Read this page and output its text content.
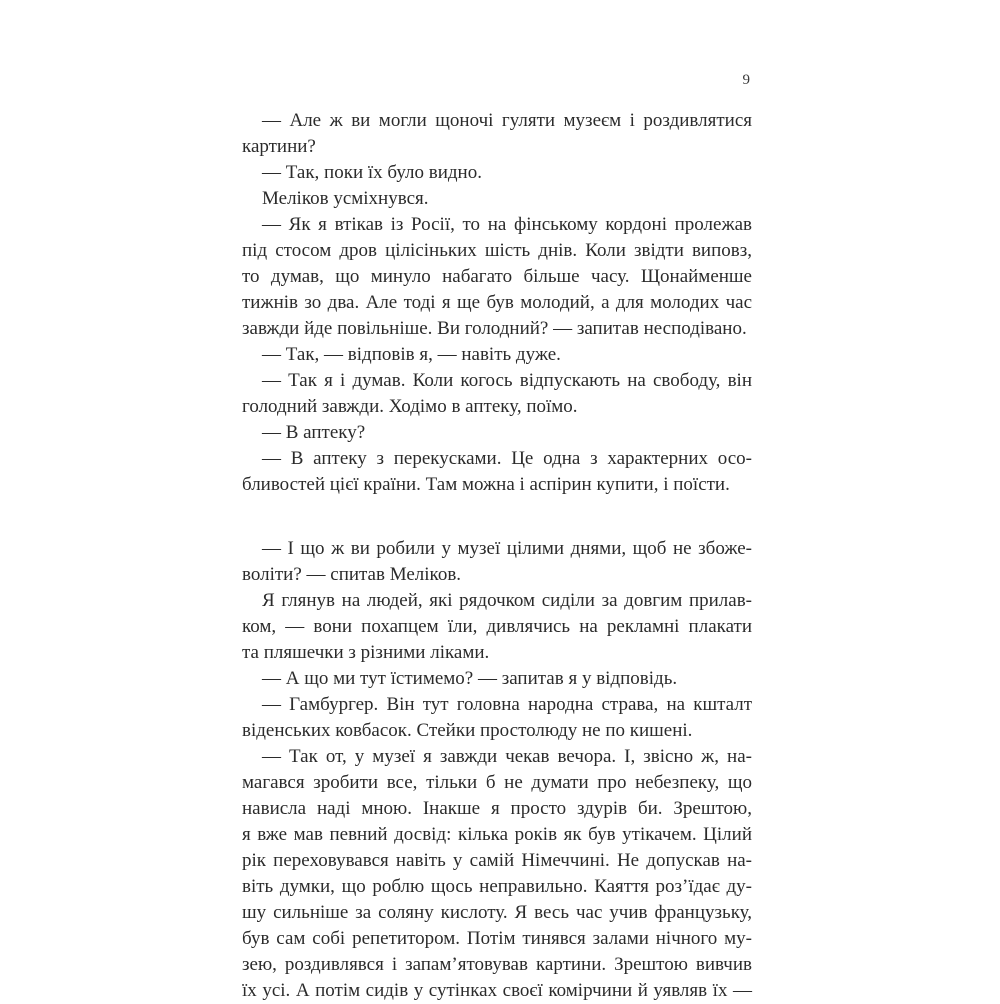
9
— Але ж ви могли щоночі гуляти музеєм і роздивлятися
картини?
— Так, поки їх було видно.
Меліков усміхнувся.
— Як я втікав із Росії, то на фінському кордоні пролежав
під стосом дров цілісіньких шість днів. Коли звідти виповз,
то думав, що минуло набагато більше часу. Щонайменше
тижнів зо два. Але тоді я ще був молодий, а для молодих час
завжди йде повільніше. Ви голодний? — запитав несподівано.
— Так, — відповів я, — навіть дуже.
— Так я і думав. Коли когось відпускають на свободу, він
голодний завжди. Ходімо в аптеку, поїмо.
— В аптеку?
— В аптеку з перекусками. Це одна з характерних осо-
бливостей цієї країни. Там можна і аспірин купити, і поїсти.
— І що ж ви робили у музеї цілими днями, щоб не збоже-
воліти? — спитав Меліков.
Я глянув на людей, які рядочком сиділи за довгим прилав-
ком, — вони похапцем їли, дивлячись на рекламні плакати
та пляшечки з різними ліками.
— А що ми тут їстимемо? — запитав я у відповідь.
— Гамбургер. Він тут головна народна страва, на кшталт
віденських ковбасок. Стейки простолюду не по кишені.
— Так от, у музеї я завжди чекав вечора. І, звісно ж, на-
магався зробити все, тільки б не думати про небезпеку, що
нависла наді мною. Інакше я просто здурів би. Зрештою,
я вже мав певний досвід: кілька років як був утікачем. Цілий
рік переховувався навіть у самій Німеччині. Не допускав на-
віть думки, що роблю щось неправильно. Каяття роз’їдає ду-
шу сильніше за соляну кислоту. Я весь час учив французьку,
був сам собі репетитором. Потім тинявся залами нічного му-
зею, роздивлявся і запам’ятовував картини. Зрештою вивчив
їх усі. А потім сидів у сутінках своєї комірчини й уявляв їх —
